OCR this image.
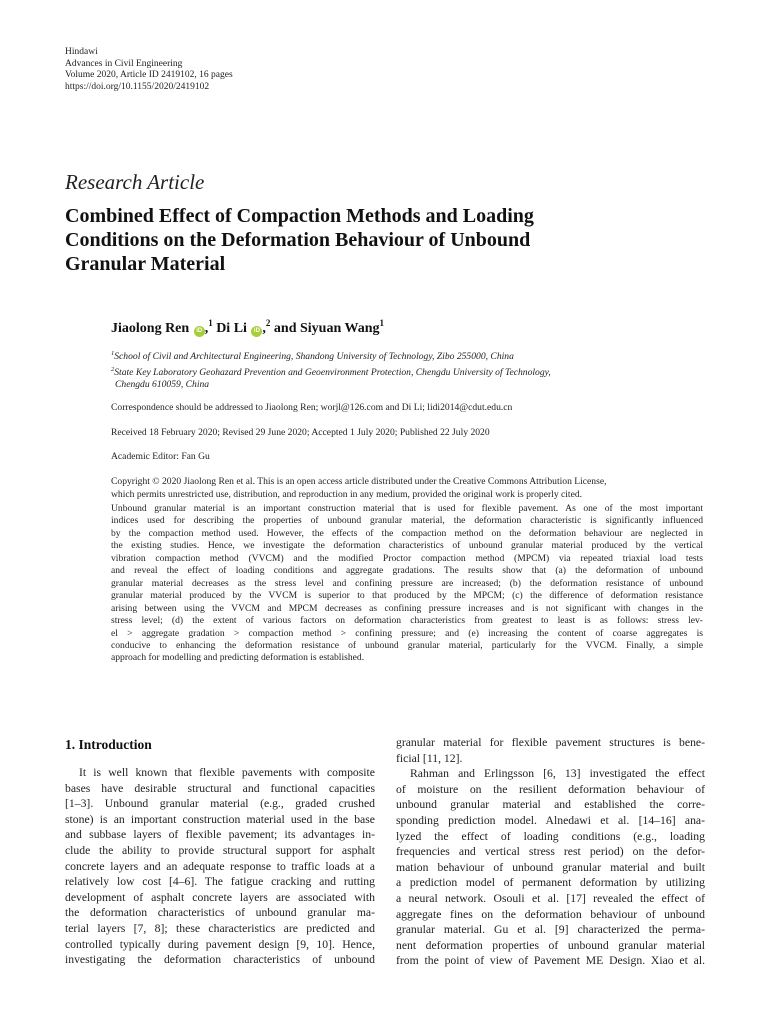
Hindawi
Advances in Civil Engineering
Volume 2020, Article ID 2419102, 16 pages
https://doi.org/10.1155/2020/2419102
Research Article
Combined Effect of Compaction Methods and Loading
Conditions on the Deformation Behaviour of Unbound
Granular Material
Jiaolong Ren iD ,$^1$ Di Li iD ,$^2$ and Siyuan Wang$^1$
$^1$School of Civil and Architectural Engineering, Shandong University of Technology, Zibo 255000, China
$^2$State Key Laboratory Geohazard Prevention and Geoenvironment Protection, Chengdu University of Technology,
Chengdu 610059, China
Correspondence should be addressed to Jiaolong Ren; worjl@126.com and Di Li; lidi2014@cdut.edu.cn
Received 18 February 2020; Revised 29 June 2020; Accepted 1 July 2020; Published 22 July 2020
Academic Editor: Fan Gu
Copyright © 2020 Jiaolong Ren et al. This is an open access article distributed under the Creative Commons Attribution License,
which permits unrestricted use, distribution, and reproduction in any medium, provided the original work is properly cited.
Unbound granular material is an important construction material that is used for flexible pavement. As one of the most important
indices used for describing the properties of unbound granular material, the deformation characteristic is significantly influenced
by the compaction method used. However, the effects of the compaction method on the deformation behaviour are neglected in
the existing studies. Hence, we investigate the deformation characteristics of unbound granular material produced by the vertical
vibration compaction method (VVCM) and the modified Proctor compaction method (MPCM) via repeated triaxial load tests
and reveal the effect of loading conditions and aggregate gradations. The results show that (a) the deformation of unbound
granular material decreases as the stress level and confining pressure are increased; (b) the deformation resistance of unbound
granular material produced by the VVCM is superior to that produced by the MPCM; (c) the difference of deformation resistance
arising between using the VVCM and MPCM decreases as confining pressure increases and is not significant with changes in the
stress level; (d) the extent of various factors on deformation characteristics from greatest to least is as follows: stress lev-
el > aggregate gradation > compaction method > confining pressure; and (e) increasing the content of coarse aggregates is
conducive to enhancing the deformation resistance of unbound granular material, particularly for the VVCM. Finally, a simple
approach for modelling and predicting deformation is established.
1. Introduction
It is well known that flexible pavements with composite
bases have desirable structural and functional capacities
[1–3]. Unbound granular material (e.g., graded crushed
stone) is an important construction material used in the base
and subbase layers of flexible pavement; its advantages in-
clude the ability to provide structural support for asphalt
concrete layers and an adequate response to traffic loads at a
relatively low cost [4–6]. The fatigue cracking and rutting
development of asphalt concrete layers are associated with
the deformation characteristics of unbound granular ma-
terial layers [7, 8]; these characteristics are predicted and
controlled typically during pavement design [9, 10]. Hence,
investigating the deformation characteristics of unbound
granular material for flexible pavement structures is bene-
ficial [11, 12].
Rahman and Erlingsson [6, 13] investigated the effect
of moisture on the resilient deformation behaviour of
unbound granular material and established the corre-
sponding prediction model. Alnedawi et al. [14–16] ana-
lyzed the effect of loading conditions (e.g., loading
frequencies and vertical stress rest period) on the defor-
mation behaviour of unbound granular material and built
a prediction model of permanent deformation by utilizing
a neural network. Osouli et al. [17] revealed the effect of
aggregate fines on the deformation behaviour of unbound
granular material. Gu et al. [9] characterized the perma-
nent deformation properties of unbound granular material
from the point of view of Pavement ME Design. Xiao et al.
